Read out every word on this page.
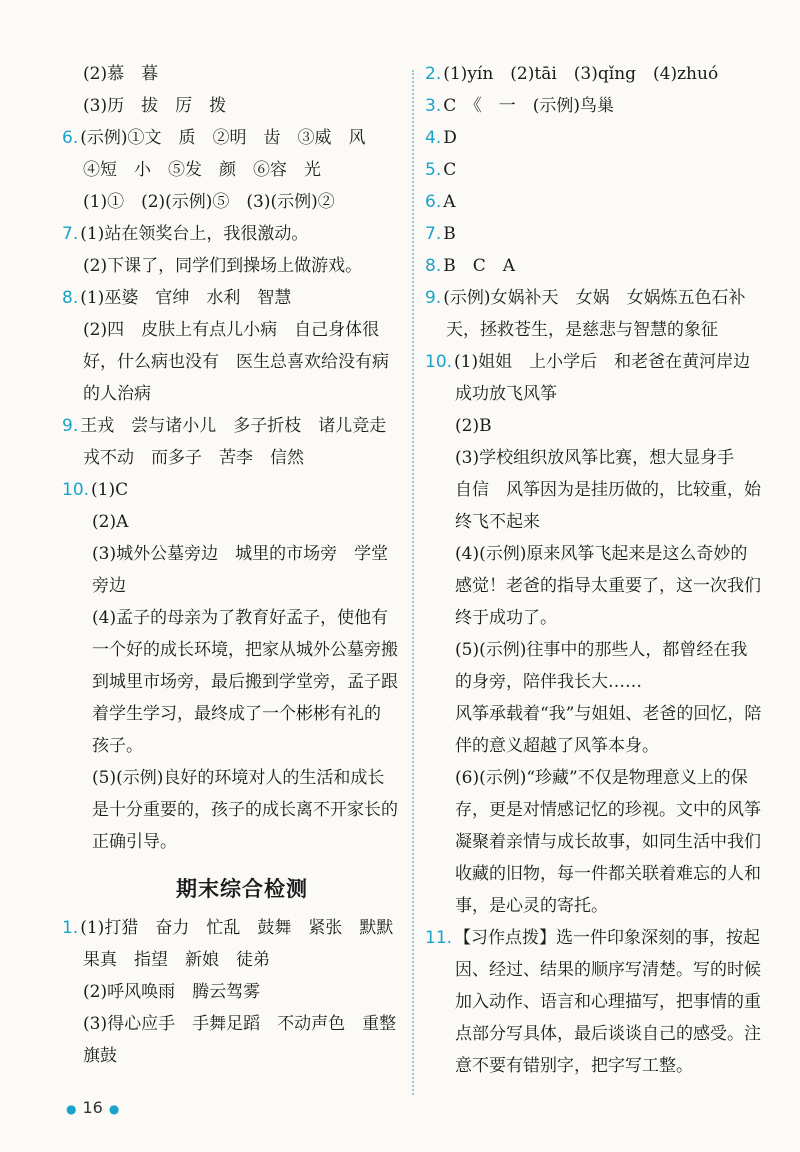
(2)慕　暮
(3)历　拔　厉　拨
6. (示例)①文　质　②明　齿　③威　风
④短　小　⑤发　颜　⑥容　光
(1)①　(2)(示例)⑤　(3)(示例)②
7. (1)站在领奖台上，我很激动。
(2)下课了，同学们到操场上做游戏。
8. (1)巫婆　官绅　水利　智慧
(2)四　皮肤上有点儿小病　自己身体很
好，什么病也没有　医生总喜欢给没有病
的人治病
9. 王戎　尝与诸小儿　多子折枝　诸儿竞走
戎不动　而多子　苦李　信然
10. (1)C
(2)A
(3)城外公墓旁边　城里的市场旁　学堂
旁边
(4)孟子的母亲为了教育好孟子，使他有
一个好的成长环境，把家从城外公墓旁搬
到城里市场旁，最后搬到学堂旁，孟子跟
着学生学习，最终成了一个彬彬有礼的
孩子。
(5)(示例)良好的环境对人的生活和成长
是十分重要的，孩子的成长离不开家长的
正确引导。
期末综合检测
1. (1)打猎　奋力　忙乱　鼓舞　紧张　默默
果真　指望　新娘　徒弟
(2)呼风唤雨　腾云驾雾
(3)得心应手　手舞足蹈　不动声色　重整
旗鼓
2. (1)yín　(2)tāi　(3)qǐng　(4)zhuó
3. C　《　一　(示例)鸟巢
4. D
5. C
6. A
7. B
8. B　C　A
9. (示例)女娲补天　女娲　女娲炼五色石补
天，拯救苍生，是慈悲与智慧的象征
10. (1)姐姐　上小学后　和老爸在黄河岸边
成功放飞风筝
(2)B
(3)学校组织放风筝比赛，想大显身手
自信　风筝因为是挂历做的，比较重，始
终飞不起来
(4)(示例)原来风筝飞起来是这么奇妙的
感觉！老爸的指导太重要了，这一次我们
终于成功了。
(5)(示例)往事中的那些人，都曾经在我
的身旁，陪伴我长大……
风筝承载着“我”与姐姐、老爸的回忆，陪
伴的意义超越了风筝本身。
(6)(示例)“珍藏”不仅是物理意义上的保
存，更是对情感记忆的珍视。文中的风筝
凝聚着亲情与成长故事，如同生活中我们
收藏的旧物，每一件都关联着难忘的人和
事，是心灵的寄托。
11. 【习作点拨】选一件印象深刻的事，按起
因、经过、结果的顺序写清楚。写的时候
加入动作、语言和心理描写，把事情的重
点部分写具体，最后谈谈自己的感受。注
意不要有错别字，把字写工整。
● 16 ●
